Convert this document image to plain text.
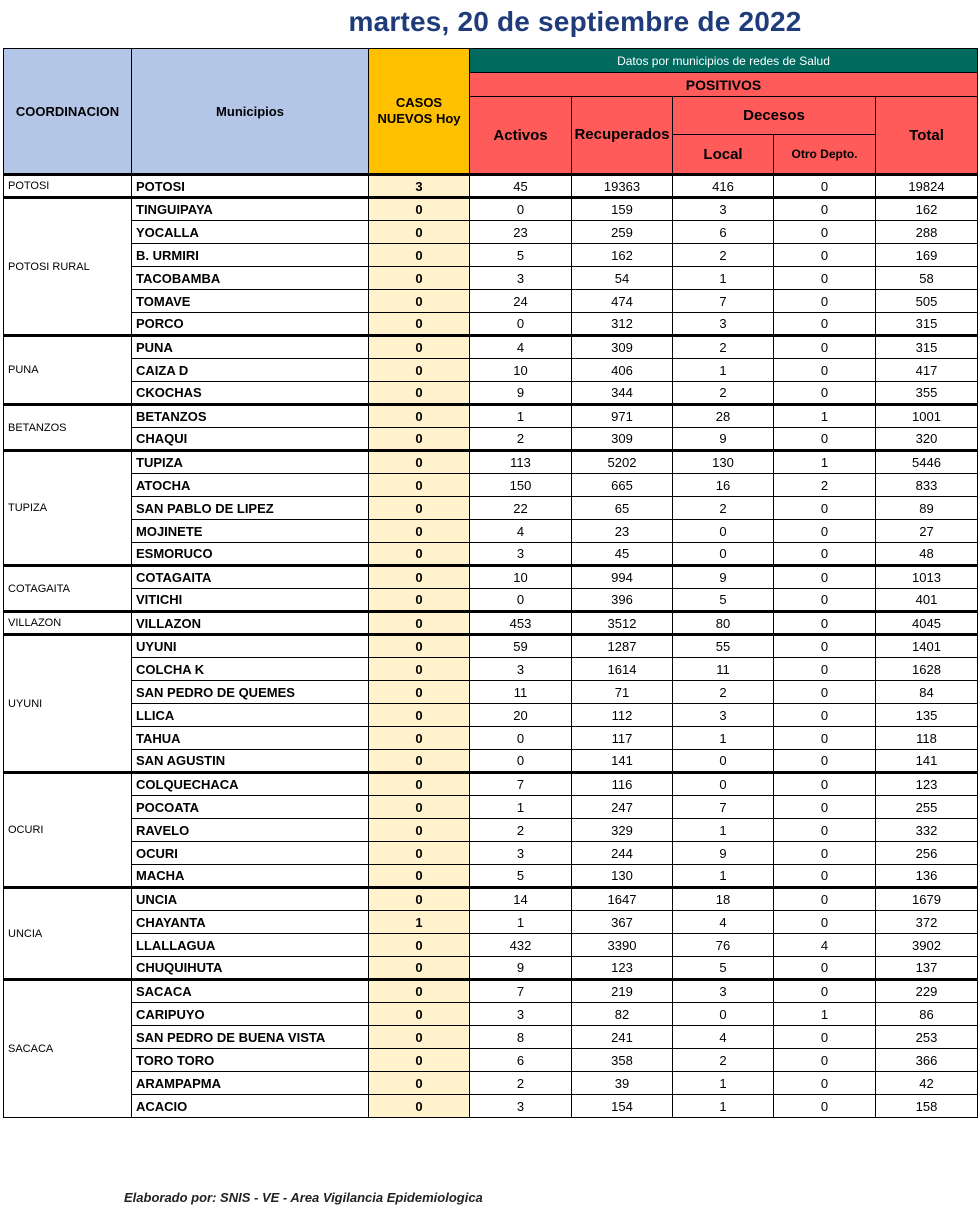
martes, 20 de septiembre de 2022
COORDINACION	Municipios	CASOS NUEVOS Hoy	Datos por municipios de redes de Salud				
			POSITIVOS				
			Activos	Recuperados	Decesos		Total
					Local	Otro Depto.	
POTOSI	POTOSI	3	45	19363	416	0	19824
POTOSI RURAL	TINGUIPAYA	0	0	159	3	0	162
	YOCALLA	0	23	259	6	0	288
	B. URMIRI	0	5	162	2	0	169
	TACOBAMBA	0	3	54	1	0	58
	TOMAVE	0	24	474	7	0	505
	PORCO	0	0	312	3	0	315
PUNA	PUNA	0	4	309	2	0	315
	CAIZA D	0	10	406	1	0	417
	CKOCHAS	0	9	344	2	0	355
BETANZOS	BETANZOS	0	1	971	28	1	1001
	CHAQUI	0	2	309	9	0	320
TUPIZA	TUPIZA	0	113	5202	130	1	5446
	ATOCHA	0	150	665	16	2	833
	SAN PABLO DE LIPEZ	0	22	65	2	0	89
	MOJINETE	0	4	23	0	0	27
	ESMORUCO	0	3	45	0	0	48
COTAGAITA	COTAGAITA	0	10	994	9	0	1013
	VITICHI	0	0	396	5	0	401
VILLAZON	VILLAZON	0	453	3512	80	0	4045
UYUNI	UYUNI	0	59	1287	55	0	1401
	COLCHA K	0	3	1614	11	0	1628
	SAN PEDRO DE QUEMES	0	11	71	2	0	84
	LLICA	0	20	112	3	0	135
	TAHUA	0	0	117	1	0	118
	SAN AGUSTIN	0	0	141	0	0	141
OCURI	COLQUECHACA	0	7	116	0	0	123
	POCOATA	0	1	247	7	0	255
	RAVELO	0	2	329	1	0	332
	OCURI	0	3	244	9	0	256
	MACHA	0	5	130	1	0	136
UNCIA	UNCIA	0	14	1647	18	0	1679
	CHAYANTA	1	1	367	4	0	372
	LLALLAGUA	0	432	3390	76	4	3902
	CHUQUIHUTA	0	9	123	5	0	137
SACACA	SACACA	0	7	219	3	0	229
	CARIPUYO	0	3	82	0	1	86
	SAN PEDRO DE BUENA VISTA	0	8	241	4	0	253
	TORO TORO	0	6	358	2	0	366
	ARAMPAPMA	0	2	39	1	0	42
	ACACIO	0	3	154	1	0	158
Elaborado por: SNIS - VE - Area Vigilancia Epidemiologica
